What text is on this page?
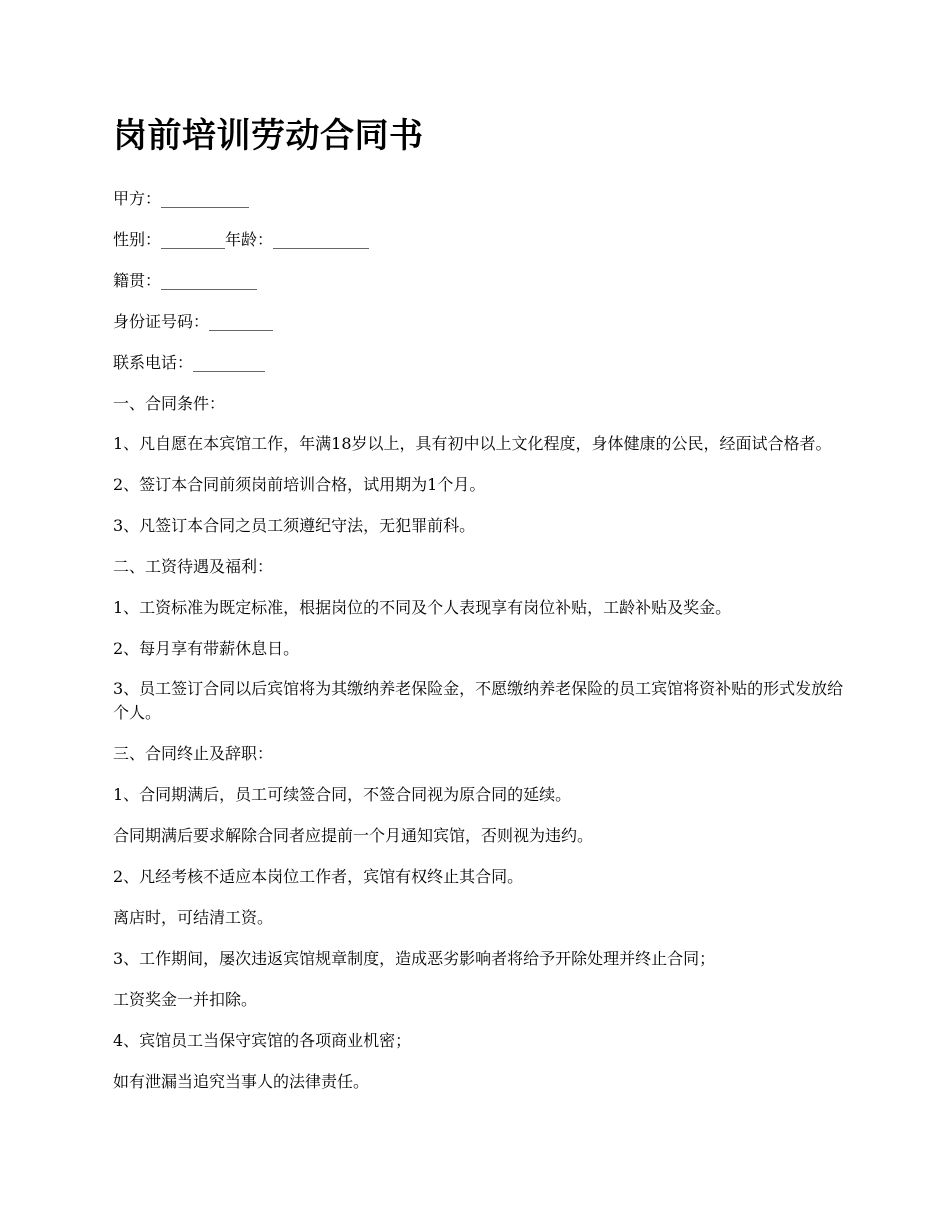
岗前培训劳动合同书

甲方：___________

性别：________年龄：____________

籍贯：____________

身份证号码：________

联系电话：_________

一、合同条件：

1、凡自愿在本宾馆工作，年满18岁以上，具有初中以上文化程度，身体健康的公民，经面试合格者。

2、签订本合同前须岗前培训合格，试用期为1个月。

3、凡签订本合同之员工须遵纪守法，无犯罪前科。

二、工资待遇及福利：

1、工资标准为既定标准，根据岗位的不同及个人表现享有岗位补贴，工龄补贴及奖金。

2、每月享有带薪休息日。

3、员工签订合同以后宾馆将为其缴纳养老保险金，不愿缴纳养老保险的员工宾馆将资补贴的形式发放给个人。

三、合同终止及辞职：

1、合同期满后，员工可续签合同，不签合同视为原合同的延续。

合同期满后要求解除合同者应提前一个月通知宾馆，否则视为违约。

2、凡经考核不适应本岗位工作者，宾馆有权终止其合同。

离店时，可结清工资。

3、工作期间，屡次违返宾馆规章制度，造成恶劣影响者将给予开除处理并终止合同；

工资奖金一并扣除。

4、宾馆员工当保守宾馆的各项商业机密；

如有泄漏当追究当事人的法律责任。
